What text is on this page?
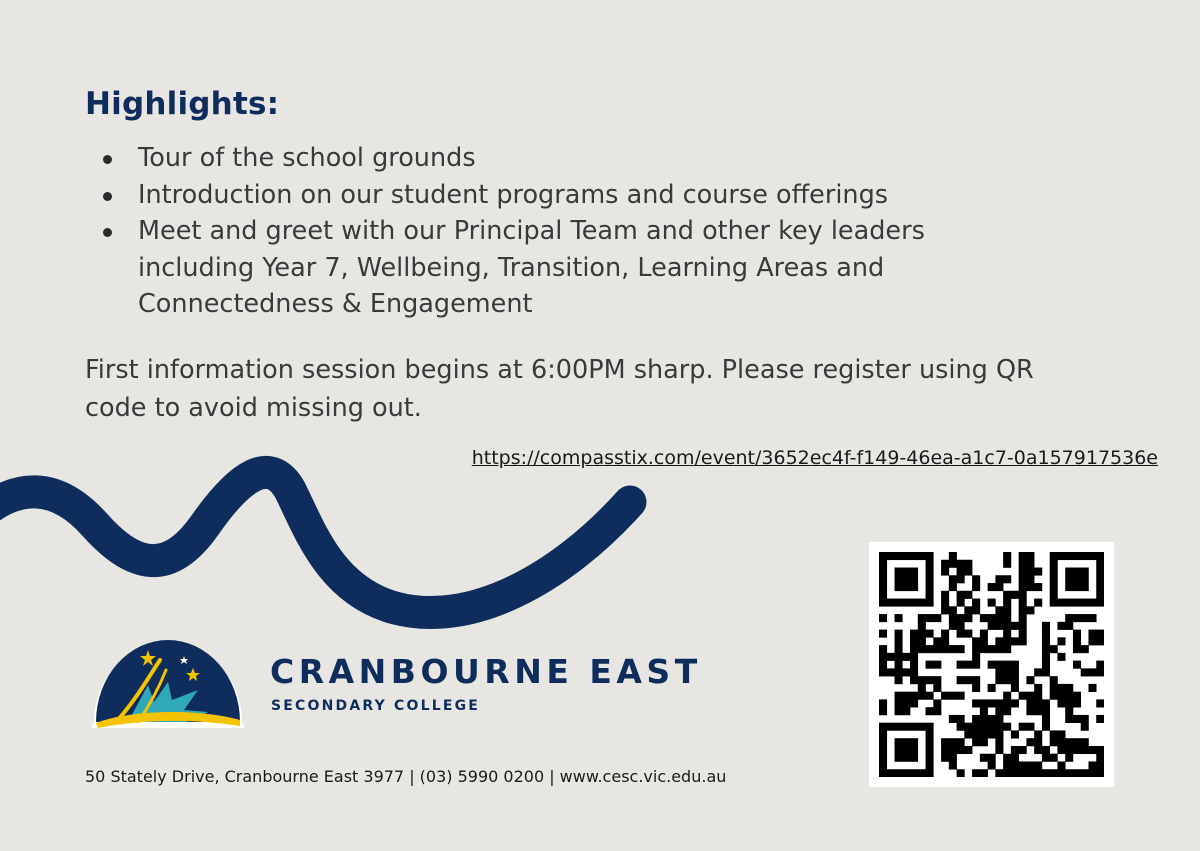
Highlights:
Tour of the school grounds
Introduction on our student programs and course offerings
Meet and greet with our Principal Team and other key leaders including Year 7, Wellbeing, Transition, Learning Areas and Connectedness & Engagement

First information session begins at 6:00PM sharp. Please register using QR code to avoid missing out.

https://compasstix.com/event/3652ec4f-f149-46ea-a1c7-0a157917536e
CRANBOURNE EAST
SECONDARY COLLEGE

50 Stately Drive, Cranbourne East 3977 | (03) 5990 0200 | www.cesc.vic.edu.au
